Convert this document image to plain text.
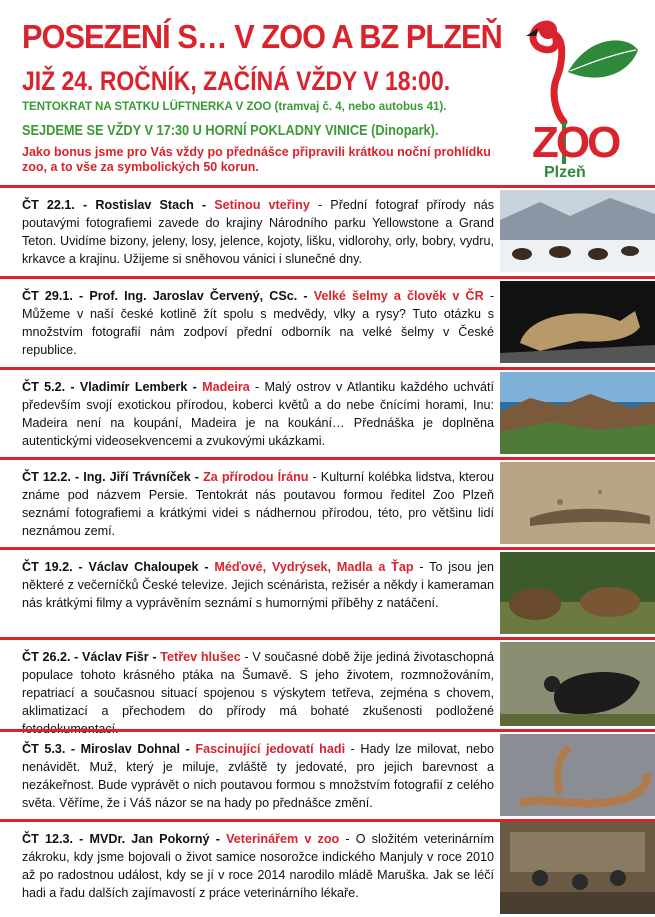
POSEZENÍ S… V ZOO A BZ PLZEŇ
JIŽ 24. ROČNÍK, ZAČÍNÁ VŽDY V 18:00.
TENTOKRAT NA STATKU LÜFTNERKA V ZOO (tramvaj č. 4, nebo autobus 41).
SEJDEME SE VŽDY V 17:30 U HORNÍ POKLADNY VINICE (Dinopark).
Jako bonus jsme pro Vás vždy po přednášce připravili krátkou noční prohlídku zoo, a to vše za symbolických 50 korun.	ZOO
Plzeň
ČT 22.1. - Rostislav Stach - Setinou vteřiny - Přední fotograf přírody nás poutavými fotografiemi zavede do krajiny Národního parku Yellowstone a Grand Teton. Uvidíme bizony, jeleny, losy, jelence, kojoty, lišku, vidlorohy, orly, bobry, vydru, krkavce a krajinu. Užijeme si sněhovou vánici i slunečné dny.
ČT 29.1. - Prof. Ing. Jaroslav Červený, CSc. - Velké šelmy a člověk v ČR - Můžeme v naší české kotlině žít spolu s medvědy, vlky a rysy? Tuto otázku s množstvím fotografií nám zodpoví přední odborník na velké šelmy v České republice.
ČT 5.2. - Vladimír Lemberk - Madeira - Malý ostrov v Atlantiku každého uchvátí především svojí exotickou přírodou, koberci květů a do nebe čnícími horami, Inu: Madeira není na koupání, Madeira je na koukání… Přednáška je doplněna autentickými videosekvencemi a zvukovými ukázkami.
ČT 12.2. - Ing. Jiří Trávníček - Za přírodou Íránu - Kulturní kolébka lidstva, kterou známe pod názvem Persie. Tentokrát nás poutavou formou ředitel Zoo Plzeň seznámí fotografiemi a krátkými videi s nádhernou přírodou, této, pro většinu lidí neznámou zemí.
ČT 19.2. - Václav Chaloupek - Méďové, Vydrýsek, Madla a Ťap - To jsou jen některé z večerníčků České televize. Jejich scénárista, režisér a někdy i kameraman nás krátkými filmy a vyprávěním seznámí s humornými příběhy z natáčení.
ČT 26.2. - Václav Fišr - Tetřev hlušec - V současné době žije jediná životaschopná populace tohoto krásného ptáka na Šumavě. S jeho životem, rozmnožováním, repatriací a současnou situací spojenou s výskytem tetřeva, zejména s chovem, aklimatizací a přechodem do přírody má bohaté zkušenosti podložené
ČT 5.3. - Miroslav Dohnal - Fascinující jedovatí hadi - Hady lze milovat, nebo nenávidět. Muž, který je miluje, zvláště ty jedovaté, pro jejich barevnost a nezákeřnost. Bude vyprávět o nich poutavou formou s množstvím fotografií z celého světa. Věříme, že i Váš názor se na hady po přednášce změní.
ČT 12.3. - MVDr. Jan Pokorný - Veterinářem v zoo - O složitém veterinárním zákroku, kdy jsme bojovali o život samice nosorožce indického Manjuly v roce 2010 až po radostnou událost, kdy se jí v roce 2014 narodilo mládě Maruška. Jak se léčí hadi a řadu dalších zajímavostí z práce veterinárního lékaře.
